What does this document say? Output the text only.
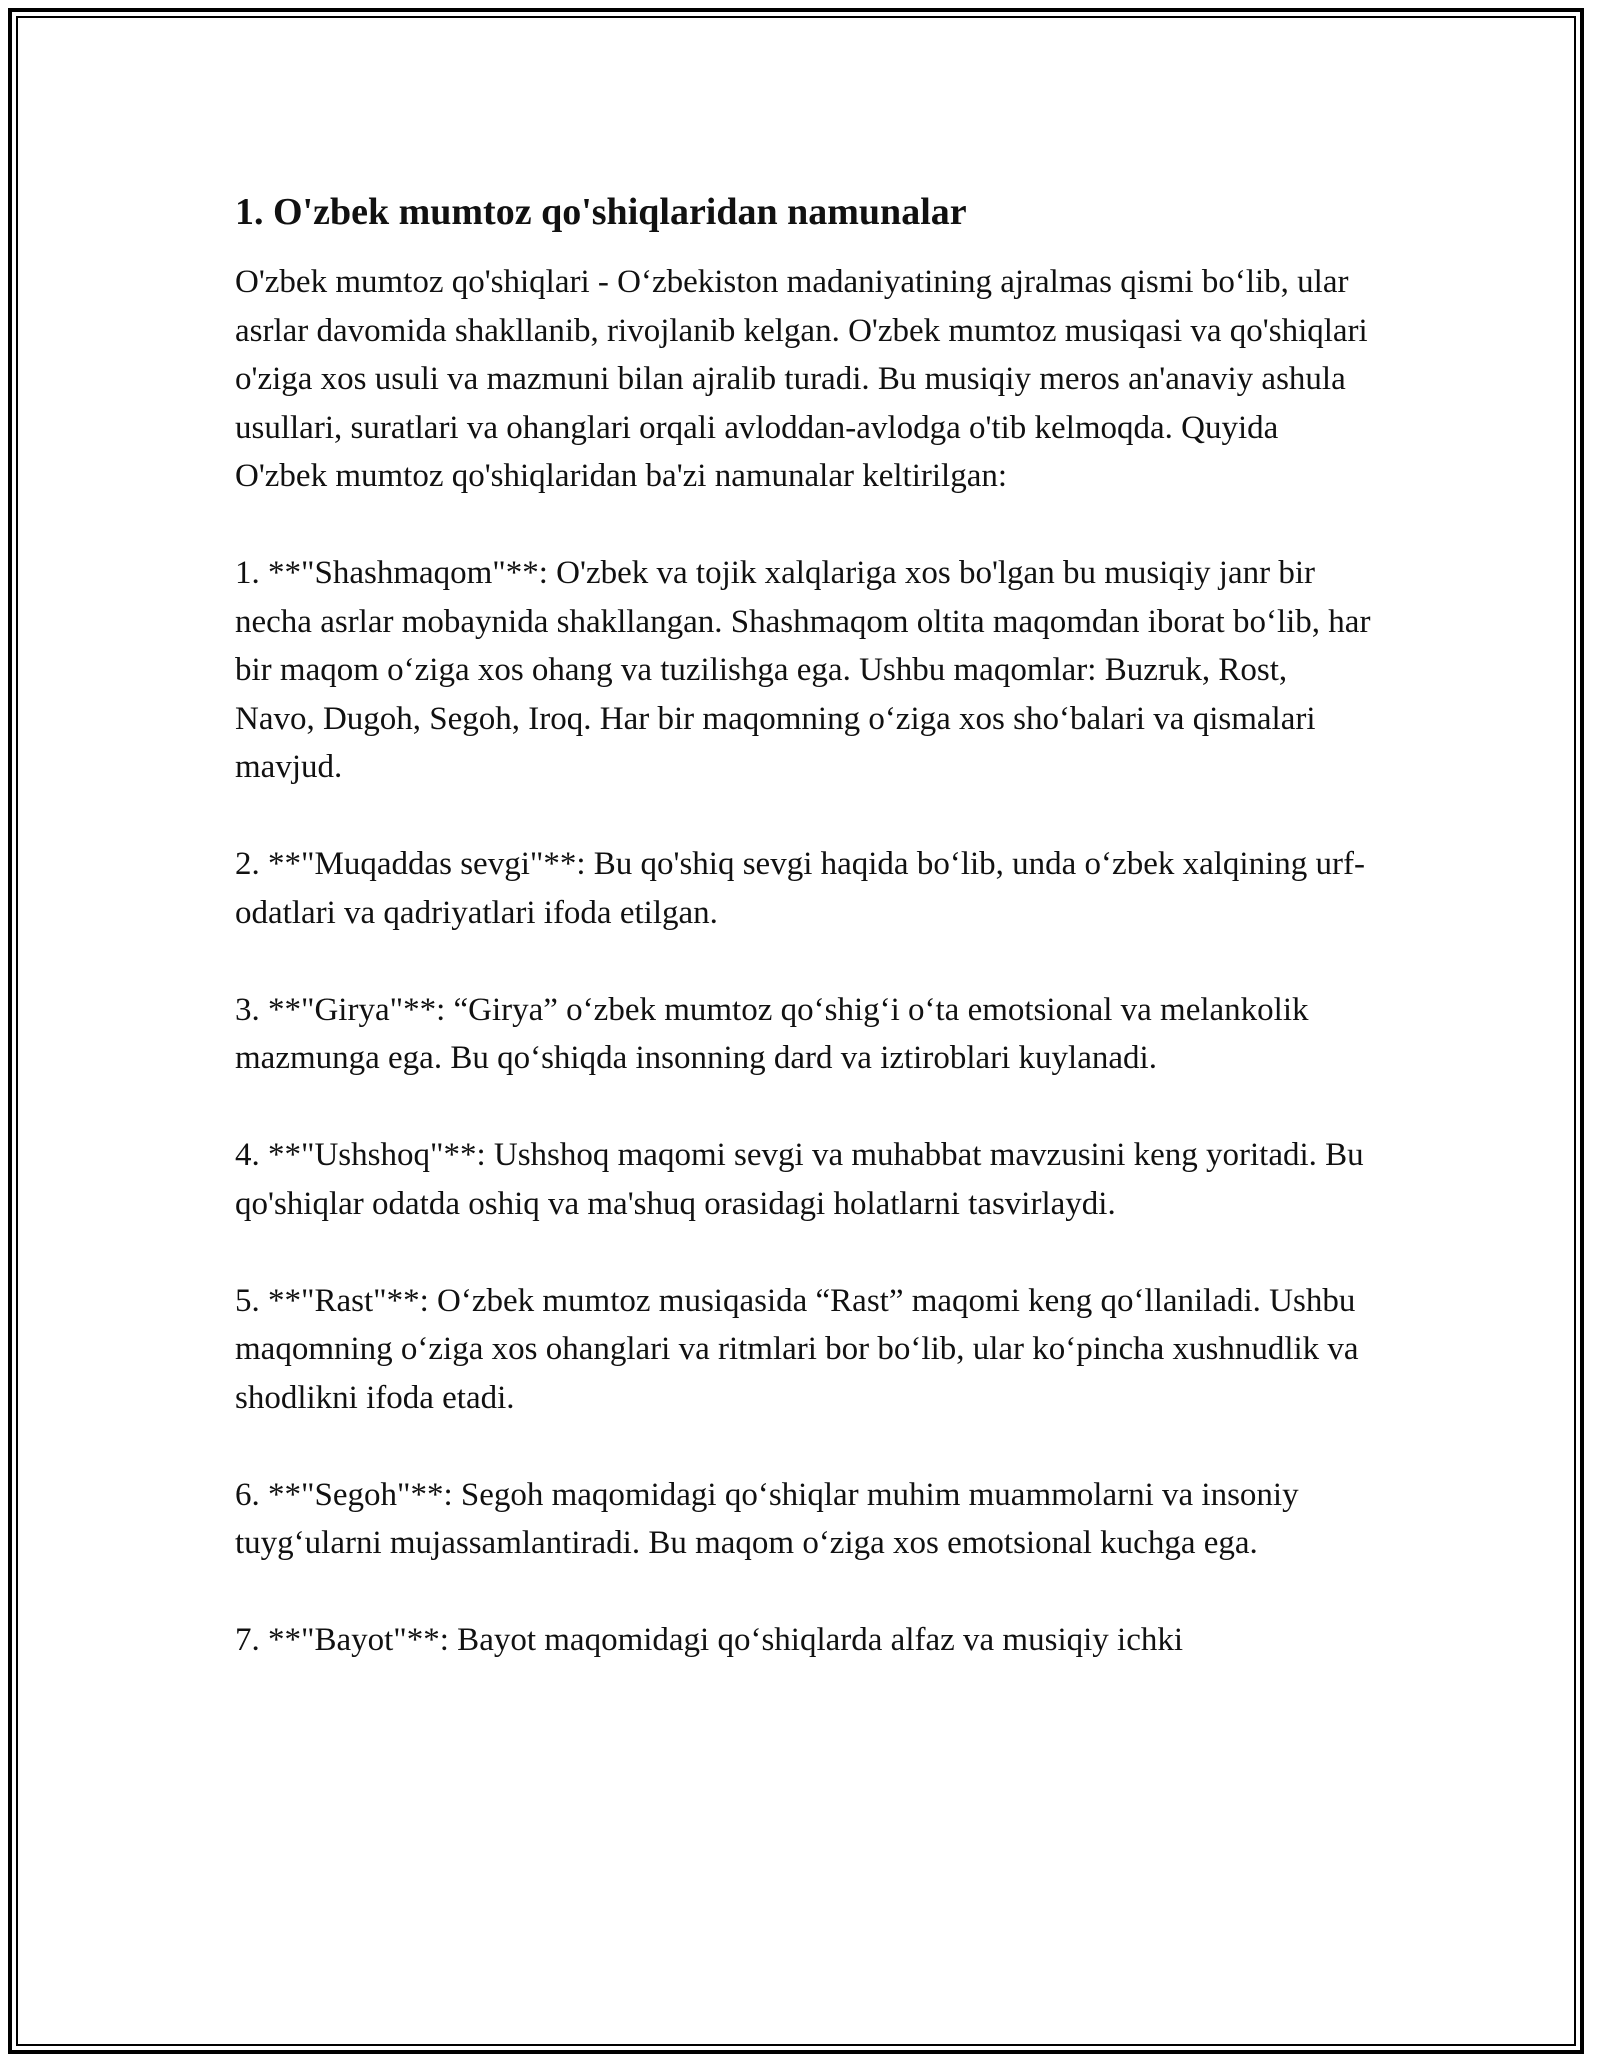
1. O'zbek mumtoz qo'shiqlaridan namunalar

O'zbek mumtoz qo'shiqlari - O‘zbekiston madaniyatining ajralmas qismi bo‘lib, ular asrlar davomida shakllanib, rivojlanib kelgan. O'zbek mumtoz musiqasi va qo'shiqlari o'ziga xos usuli va mazmuni bilan ajralib turadi. Bu musiqiy meros an'anaviy ashula usullari, suratlari va ohanglari orqali avloddan-avlodga o'tib kelmoqda. Quyida O'zbek mumtoz qo'shiqlaridan ba'zi namunalar keltirilgan:

1. **"Shashmaqom"**: O'zbek va tojik xalqlariga xos bo'lgan bu musiqiy janr bir necha asrlar mobaynida shakllangan. Shashmaqom oltita maqomdan iborat bo‘lib, har bir maqom o‘ziga xos ohang va tuzilishga ega. Ushbu maqomlar: Buzruk, Rost, Navo, Dugoh, Segoh, Iroq. Har bir maqomning o‘ziga xos sho‘balari va qismalari mavjud.

2. **"Muqaddas sevgi"**: Bu qo'shiq sevgi haqida bo‘lib, unda o‘zbek xalqining urf-odatlari va qadriyatlari ifoda etilgan.

3. **"Girya"**: “Girya” o‘zbek mumtoz qo‘shig‘i o‘ta emotsional va melankolik mazmunga ega. Bu qo‘shiqda insonning dard va iztiroblari kuylanadi.

4. **"Ushshoq"**: Ushshoq maqomi sevgi va muhabbat mavzusini keng yoritadi. Bu qo'shiqlar odatda oshiq va ma'shuq orasidagi holatlarni tasvirlaydi.

5. **"Rast"**: O‘zbek mumtoz musiqasida “Rast” maqomi keng qo‘llaniladi. Ushbu maqomning o‘ziga xos ohanglari va ritmlari bor bo‘lib, ular ko‘pincha xushnudlik va shodlikni ifoda etadi.

6. **"Segoh"**: Segoh maqomidagi qo‘shiqlar muhim muammolarni va insoniy tuyg‘ularni mujassamlantiradi. Bu maqom o‘ziga xos emotsional kuchga ega.

7. **"Bayot"**: Bayot maqomidagi qo‘shiqlarda alfaz va musiqiy ichki
